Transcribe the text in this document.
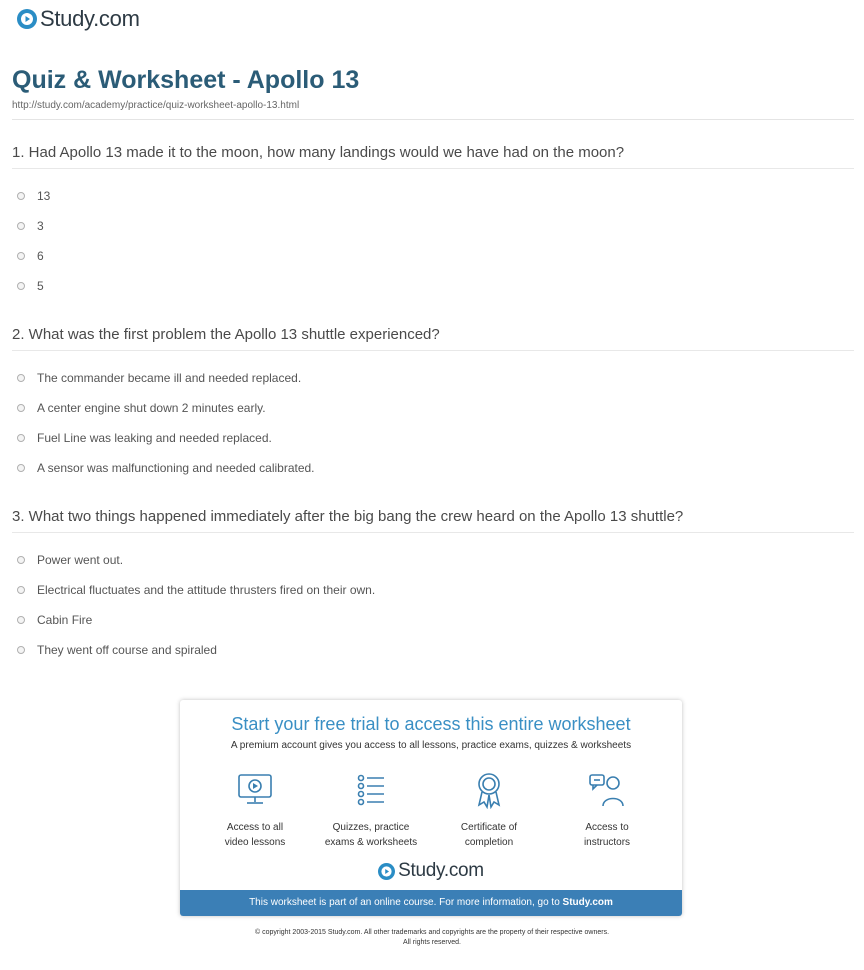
Study.com
Quiz & Worksheet - Apollo 13
http://study.com/academy/practice/quiz-worksheet-apollo-13.html
1. Had Apollo 13 made it to the moon, how many landings would we have had on the moon?
13
3
6
5
2. What was the first problem the Apollo 13 shuttle experienced?
The commander became ill and needed replaced.
A center engine shut down 2 minutes early.
Fuel Line was leaking and needed replaced.
A sensor was malfunctioning and needed calibrated.
3. What two things happened immediately after the big bang the crew heard on the Apollo 13 shuttle?
Power went out.
Electrical fluctuates and the attitude thrusters fired on their own.
Cabin Fire
They went off course and spiraled
Start your free trial to access this entire worksheet
A premium account gives you access to all lessons, practice exams, quizzes & worksheets
Access to all
video lessons
Quizzes, practice
exams & worksheets
Certificate of
completion
Access to
instructors
Study.com
This worksheet is part of an online course. For more information, go to Study.com
© copyright 2003-2015 Study.com. All other trademarks and copyrights are the property of their respective owners.
All rights reserved.
